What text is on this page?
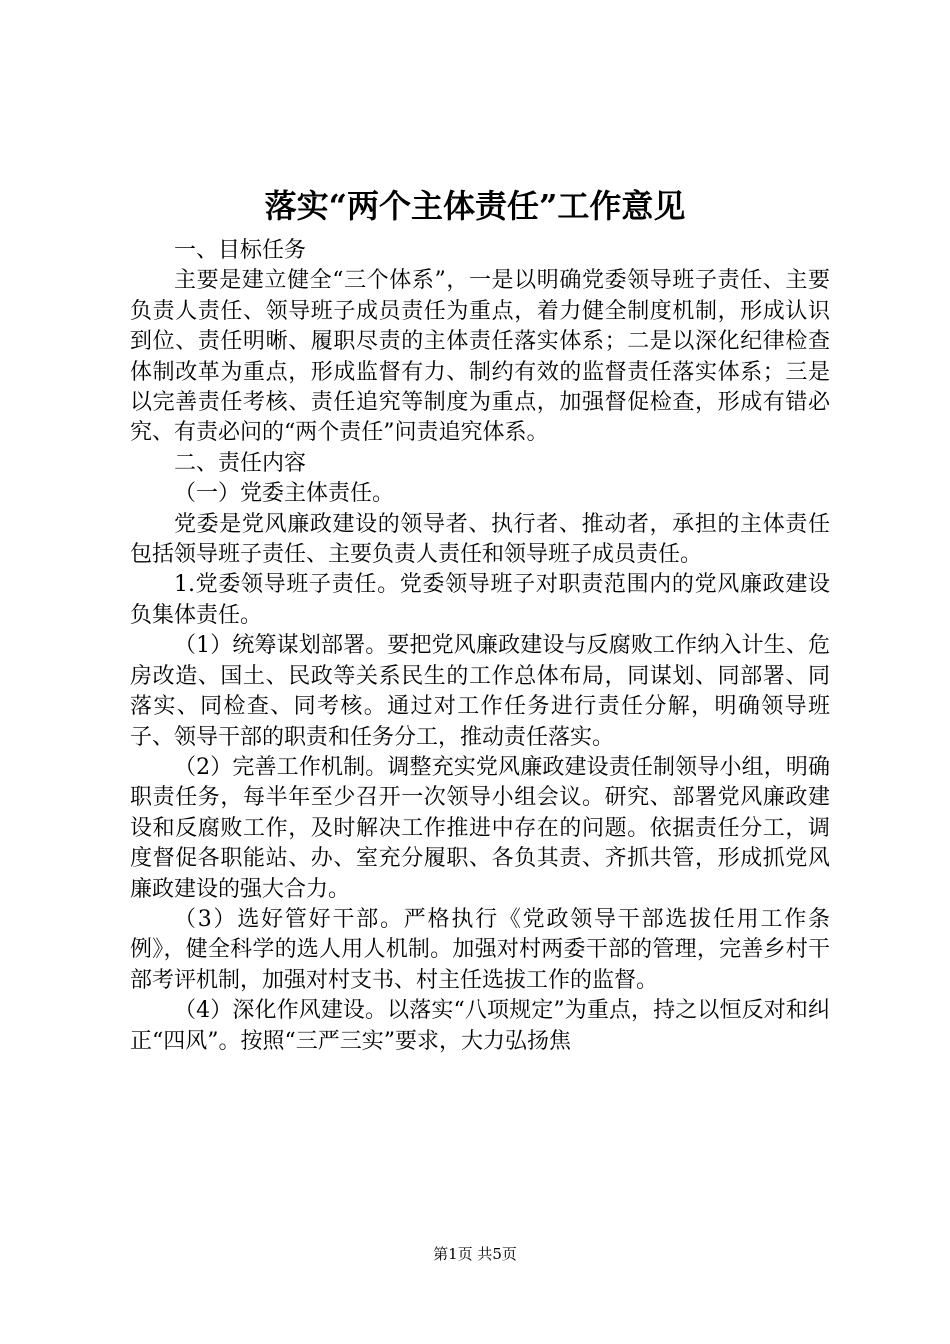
落实“两个主体责任”工作意见

一、目标任务

主要是建立健全“三个体系”，一是以明确党委领导班子责任、主要负责人责任、领导班子成员责任为重点，着力健全制度机制，形成认识到位、责任明晰、履职尽责的主体责任落实体系；二是以深化纪律检查体制改革为重点，形成监督有力、制约有效的监督责任落实体系；三是以完善责任考核、责任追究等制度为重点，加强督促检查，形成有错必究、有责必问的“两个责任”问责追究体系。

二、责任内容

（一）党委主体责任。

党委是党风廉政建设的领导者、执行者、推动者，承担的主体责任包括领导班子责任、主要负责人责任和领导班子成员责任。

1.党委领导班子责任。党委领导班子对职责范围内的党风廉政建设负集体责任。

（1）统筹谋划部署。要把党风廉政建设与反腐败工作纳入计生、危房改造、国土、民政等关系民生的工作总体布局，同谋划、同部署、同落实、同检查、同考核。通过对工作任务进行责任分解，明确领导班子、领导干部的职责和任务分工，推动责任落实。

（2）完善工作机制。调整充实党风廉政建设责任制领导小组，明确职责任务，每半年至少召开一次领导小组会议。研究、部署党风廉政建设和反腐败工作，及时解决工作推进中存在的问题。依据责任分工，调度督促各职能站、办、室充分履职、各负其责、齐抓共管，形成抓党风廉政建设的强大合力。

（3）选好管好干部。严格执行《党政领导干部选拔任用工作条例》，健全科学的选人用人机制。加强对村两委干部的管理，完善乡村干部考评机制，加强对村支书、村主任选拔工作的监督。

（4）深化作风建设。以落实“八项规定”为重点，持之以恒反对和纠正“四风”。按照“三严三实”要求，大力弘扬焦

第1页 共5页
